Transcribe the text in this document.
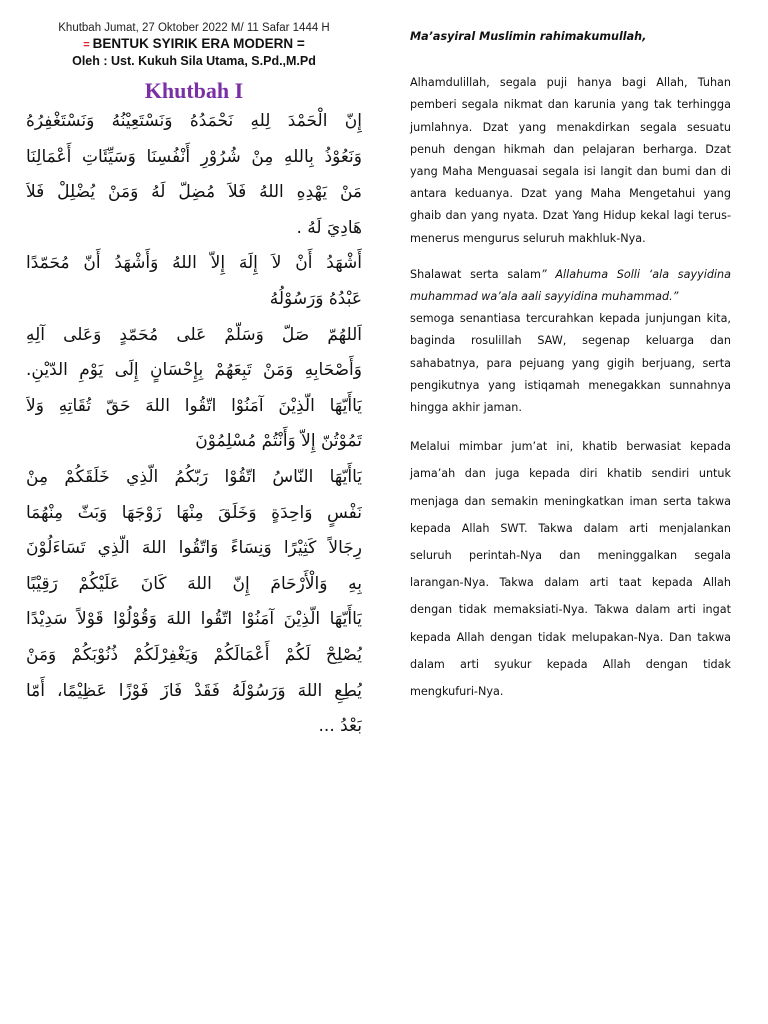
Khutbah Jumat, 27 Oktober 2022 M/ 11 Safar 1444 H
= BENTUK SYIRIK ERA MODERN =
Oleh : Ust. Kukuh Sila Utama, S.Pd.,M.Pd
Khutbah I
إِنّ الْحَمْدَ لِلهِ نَحْمَدُهُ وَنَسْتَعِيْنُهُ وَنَسْتَغْفِرُهُ
وَنَعُوْذُ بِاللهِ مِنْ شُرُوْرِ أَنْفُسِنَا وَسَيِّئَاتِ أَعْمَالِنَا
مَنْ يَهْدِهِ اللهُ فَلاَ مُضِلّ لَهُ وَمَنْ يُضْلِلْ فَلاَ
هَادِيَ لَهُ .
أَشْهَدُ أَنْ لاَ إِلَهَ إِلاّ اللهُ وَأَشْهَدُ أَنّ مُحَمّدًا
عَبْدُهُ وَرَسُوْلُهُ
اَللهُمّ صَلّ وَسَلّمْ عَلى مُحَمّدٍ وَعَلى آلِهِ
وَأَصْحَابِهِ وَمَنْ تَبِعَهُمْ بِإِحْسَانٍ إِلَى يَوْمِ الدّيْنِ.
يَاأَيّهَا الّذِيْنَ آمَنُوْا اتّقُوا اللهَ حَقّ تُقَاتِهِ وَلاَ
تَمُوْتُنّ إِلاّ وَأَنْتُمْ مُسْلِمُوْنَ
يَاأَيّهَا النّاسُ اتّقُوْا رَبّكُمُ الّذِي خَلَقَكُمْ مِنْ
نَفْسٍ وَاحِدَةٍ وَخَلَقَ مِنْهَا زَوْجَهَا وَبَثّ مِنْهُمَا
رِجَالاً كَثِيْرًا وَنِسَاءً وَاتّقُوا اللهَ الّذِي تَسَاءَلُوْنَ
بِهِ وَالْأَرْحَامَ إِنّ اللهَ كَانَ عَلَيْكُمْ رَقِيْبًا
يَاأَيّهَا الّذِيْنَ آمَنُوْا اتّقُوا اللهَ وَقُوْلُوْا قَوْلاً سَدِيْدًا
يُصْلِحْ لَكُمْ أَعْمَالَكُمْ وَيَغْفِرْلَكُمْ ذُنُوْبَكُمْ وَمَنْ
يُطِعِ اللهَ وَرَسُوْلَهُ فَقَدْ فَازَ فَوْزًا عَظِيْمًا، أَمّا
بَعْدُ ...

Ma’asyiral Muslimin rahimakumullah,

Alhamdulillah, segala puji hanya bagi Allah, Tuhan pemberi segala nikmat dan karunia yang tak terhingga jumlahnya. Dzat yang menakdirkan segala sesuatu penuh dengan hikmah dan pelajaran berharga. Dzat yang Maha Menguasai segala isi langit dan bumi dan di antara keduanya. Dzat yang Maha Mengetahui yang ghaib dan yang nyata. Dzat Yang Hidup kekal lagi terus-menerus mengurus seluruh makhluk-Nya.

Shalawat serta salam” Allahuma Solli ‘ala sayyidina muhammad wa’ala aali sayyidina muhammad.”
semoga senantiasa tercurahkan kepada junjungan kita, baginda rosulillah SAW, segenap keluarga dan sahabatnya, para pejuang yang gigih berjuang, serta pengikutnya yang istiqamah menegakkan sunnahnya hingga akhir jaman.

Melalui mimbar jum’at ini, khatib berwasiat kepada jama’ah dan juga kepada diri khatib sendiri untuk menjaga dan semakin meningkatkan iman serta takwa kepada Allah SWT. Takwa dalam arti menjalankan seluruh perintah-Nya dan meninggalkan segala larangan-Nya. Takwa dalam arti taat kepada Allah dengan tidak memaksiati-Nya. Takwa dalam arti ingat kepada Allah dengan tidak melupakan-Nya. Dan takwa dalam arti syukur kepada Allah dengan tidak mengkufuri-Nya.
